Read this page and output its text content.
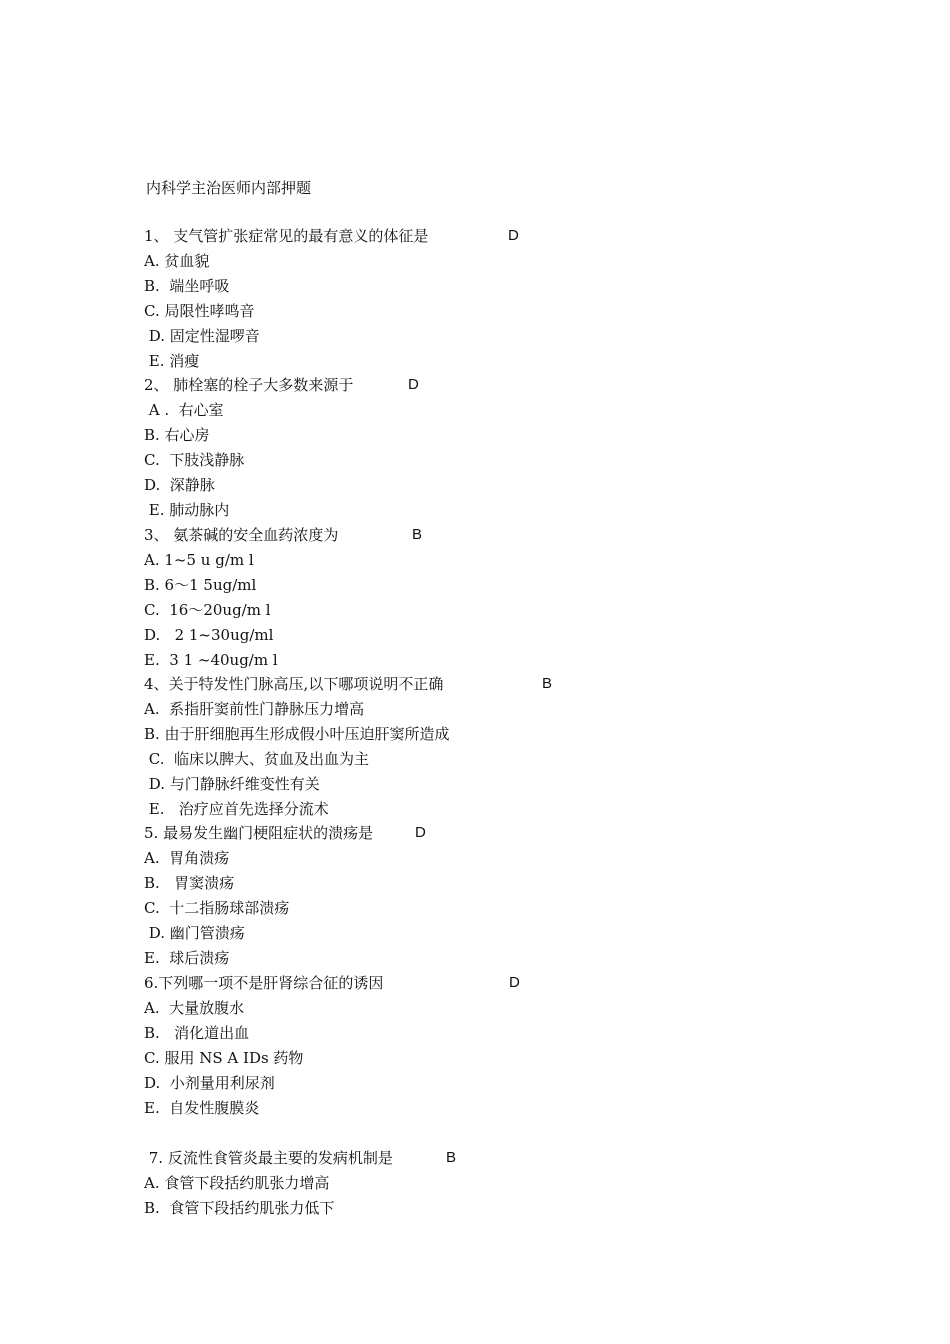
内科学主治医师内部押题
1、 支气管扩张症常见的最有意义的体征是	D
A. 贫血貌
B.  端坐呼吸
C. 局限性哮鸣音
D. 固定性湿啰音
E. 消瘦
2、 肺栓塞的栓子大多数来源于	D
A .  右心室
B. 右心房
C.  下肢浅静脉
D.  深静脉
E. 肺动脉内
3、 氨茶碱的安全血药浓度为	B
A. 1~5 u g/m l
B. 6～1 5ug/ml
C.  16～20ug/m l
D.   2 1~30ug/ml
E.  3 1 ~40ug/m l
4、关于特发性门脉高压,以下哪项说明不正确	B
A.  系指肝窦前性门静脉压力增高
B. 由于肝细胞再生形成假小叶压迫肝窦所造成
C.  临床以脾大、贫血及出血为主
D. 与门静脉纤维变性有关
E.   治疗应首先选择分流术
5. 最易发生幽门梗阻症状的溃疡是	D
A.  胃角溃疡
B.   胃窦溃疡
C.  十二指肠球部溃疡
D. 幽门管溃疡
E.  球后溃疡
6.下列哪一项不是肝肾综合征的诱因	D
A.  大量放腹水
B.   消化道出血
C. 服用 NS A IDs 药物
D.  小剂量用利尿剂
E.  自发性腹膜炎
7. 反流性食管炎最主要的发病机制是	B
A. 食管下段括约肌张力增高
B.  食管下段括约肌张力低下
